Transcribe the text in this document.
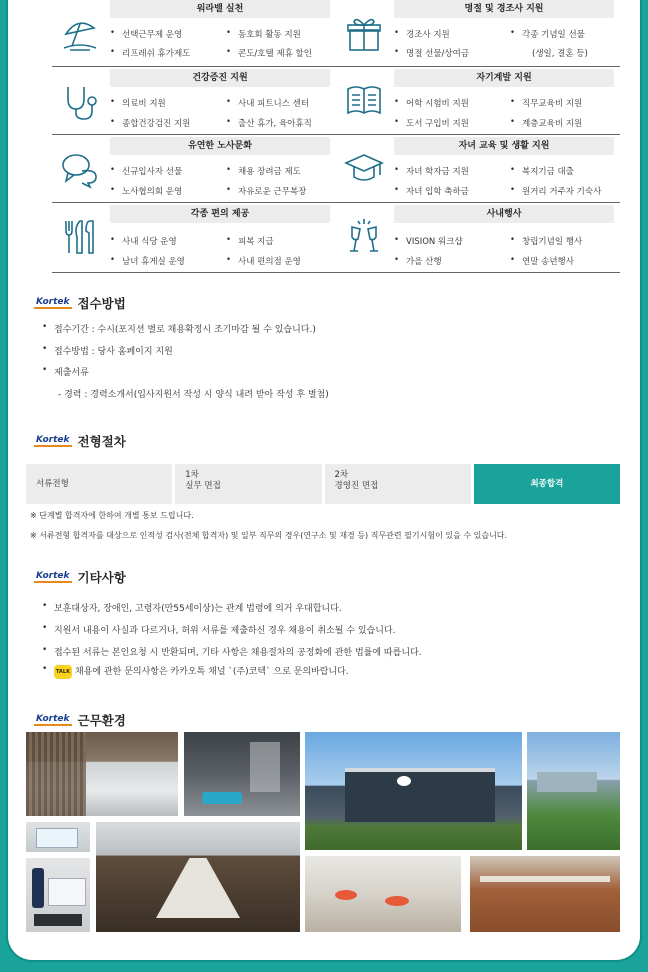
워라밸 실천
• 선택근무제 운영	• 동호회 활동 지원
• 리프레쉬 휴가제도	• 콘도/호텔 제휴 할인
명절 및 경조사 지원
• 경조사 지원	• 각종 기념일 선물
• 명절 선물/상여금	(생일, 결혼 등)
건강증진 지원
• 의료비 지원	• 사내 피트니스 센터
• 종합건강검진 지원	• 출산 휴가, 육아휴직
자기계발 지원
• 어학 시험비 지원	• 직무교육비 지원
• 도서 구입비 지원	• 계층교육비 지원
유연한 노사문화
• 신규입사자 선물	• 채용 장려금 제도
• 노사협의회 운영	• 자유로운 근무복장
자녀 교육 및 생활 지원
• 자녀 학자금 지원	• 복지기금 대출
• 자녀 입학 축하금	• 원거리 거주자 기숙사
각종 편의 제공
• 사내 식당 운영	• 피복 지급
• 남녀 휴게실 운영	• 사내 편의점 운영
사내행사
• VISION 워크샵	• 창립기념일 행사
• 가을 산행	• 연말 송년행사
Kortek 접수방법
• 접수기간 : 수시(포지션 별로 채용확정시 조기마감 될 수 있습니다.)
• 접수방법 : 당사 홈페이지 지원
• 제출서류
- 경력 : 경력소개서(입사지원서 작성 시 양식 내려 받아 작성 후 별첨)
Kortek 전형절차
서류전형
1차
실무 면접
2차
경영진 면접	최종합격
※ 단계별 합격자에 한하여 개별 통보 드립니다.
※ 서류전형 합격자를 대상으로 인적성 검사(전체 합격자) 및 일부 직무의 경우(연구소 및 재경 등) 직무관련 필기시험이 있을 수 있습니다.
Kortek 기타사항
• 보훈대상자, 장애인, 고령자(만55세이상)는 관계 법령에 의거 우대합니다.
• 지원서 내용이 사실과 다르거나, 허위 서류를 제출하신 경우 채용이 취소될 수 있습니다.
• 접수된 서류는 본인요청 시 반환되며, 기타 사항은 채용절차의 공정화에 관한 법률에 따릅니다.
• TALK 채용에 관한 문의사항은 카카오톡 채널 `(주)코텍` 으로 문의바랍니다.
Kortek 근무환경
